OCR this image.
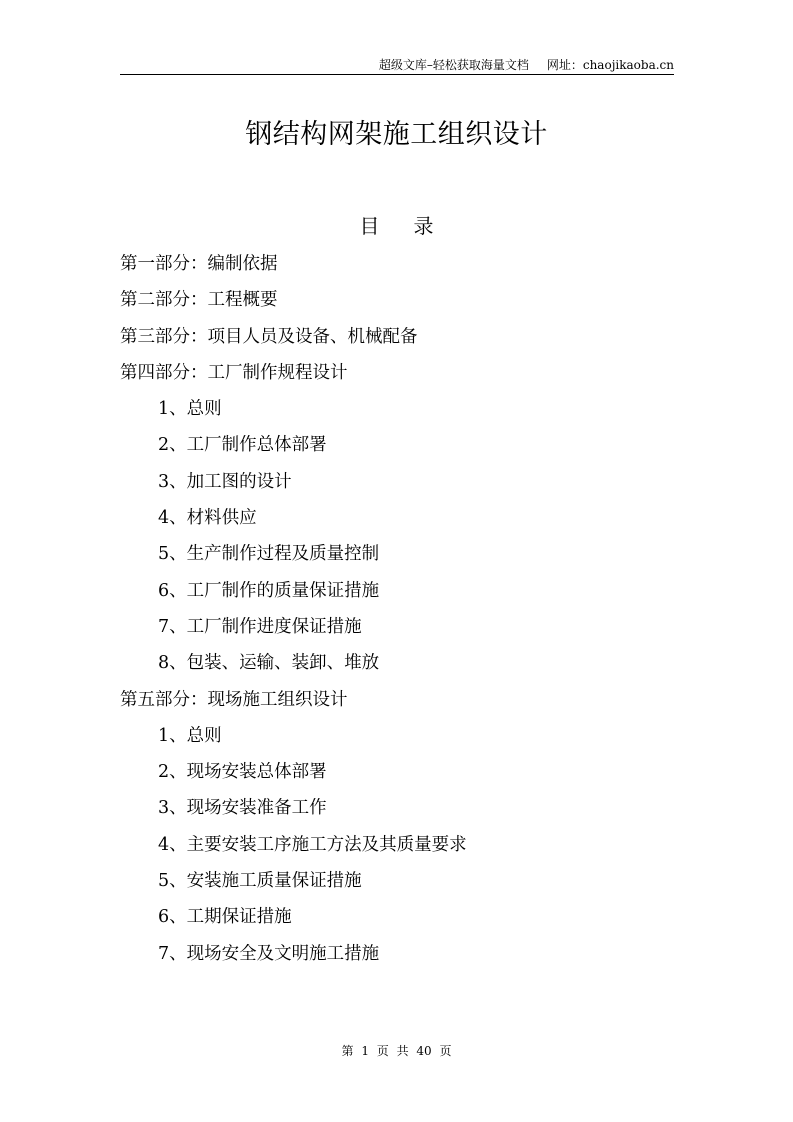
超级文库–轻松获取海量文档 网址：chaojikaoba.cn
钢结构网架施工组织设计
目 录
第一部分：编制依据
第二部分：工程概要
第三部分：项目人员及设备、机械配备
第四部分：工厂制作规程设计
1、总则
2、工厂制作总体部署
3、加工图的设计
4、材料供应
5、生产制作过程及质量控制
6、工厂制作的质量保证措施
7、工厂制作进度保证措施
8、包装、运输、装卸、堆放
第五部分：现场施工组织设计
1、总则
2、现场安装总体部署
3、现场安装准备工作
4、主要安装工序施工方法及其质量要求
5、安装施工质量保证措施
6、工期保证措施
7、现场安全及文明施工措施
第 1 页 共 40 页
